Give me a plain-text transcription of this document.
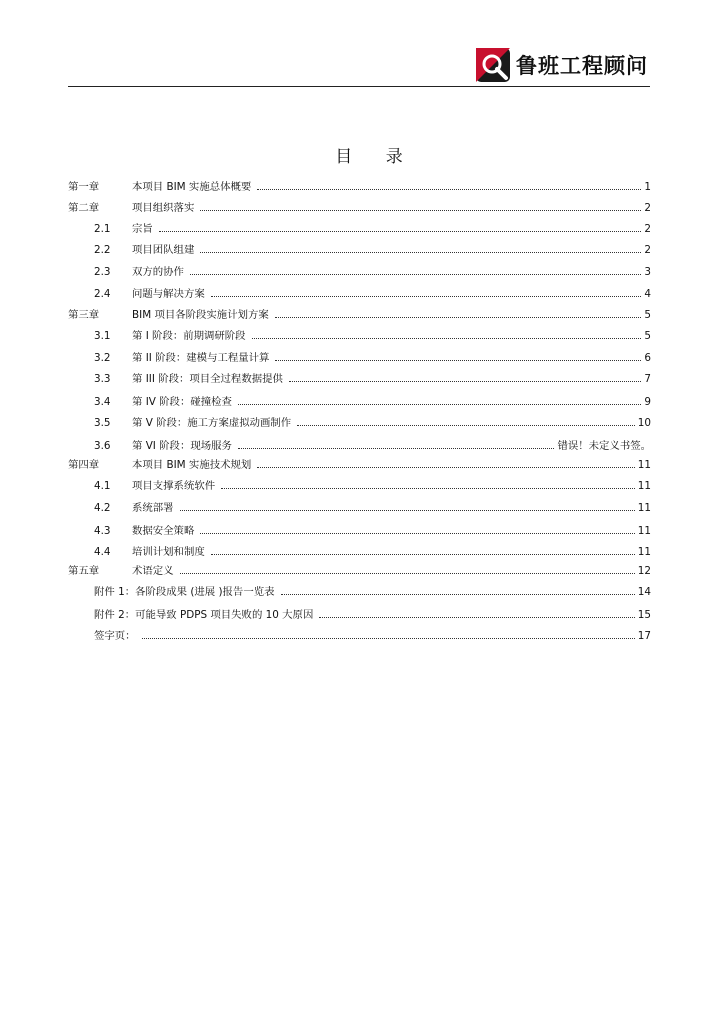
鲁班工程顾问
目 录
第一章	本项目 BIM 实施总体概要	1
第二章	项目组织落实	2
2.1	宗旨	2
2.2	项目团队组建	2
2.3	双方的协作	3
2.4	问题与解决方案	4
第三章	BIM 项目各阶段实施计划方案	5
3.1	第 I 阶段：前期调研阶段	5
3.2	第 II 阶段：建模与工程量计算	6
3.3	第 III 阶段：项目全过程数据提供	7
3.4	第 IV 阶段：碰撞检查	9
3.5	第 V 阶段：施工方案虚拟动画制作	10
3.6	第 VI 阶段：现场服务	错误！未定义书签。
第四章	本项目 BIM 实施技术规划	11
4.1	项目支撑系统软件	11
4.2	系统部署	11
4.3	数据安全策略	11
4.4	培训计划和制度	11
第五章	术语定义	12
附件 1：各阶段成果 (进展 )报告一览表	14
附件 2：可能导致 PDPS 项目失败的 10 大原因	15
签字页：	17
